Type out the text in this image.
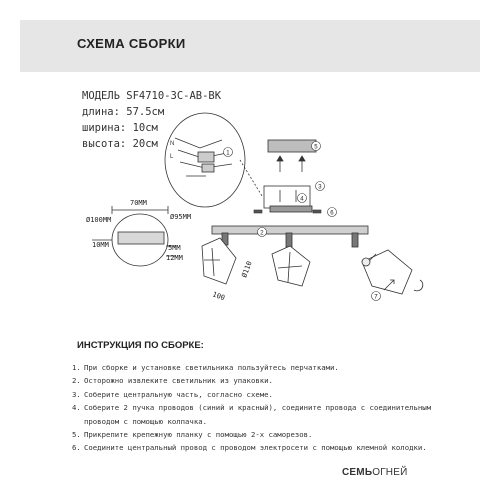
СХЕМА СБОРКИ
МОДЕЛЬ SF4710-3C-AB-BK
длина: 57.5см
ширина: 10см
высота: 20см	N
L
70ММ
Ø95ММ
Ø100ММ
10ММ	5ММ
12ММ
Ø110
100
1
2
3
4
5
6
7
ИНСТРУКЦИЯ ПО СБОРКЕ:
1. При сборке и установке светильника пользуйтесь перчатками.
2. Осторожно извлеките светильник из упаковки.
3. Соберите центральную часть, согласно схеме.
4. Соберите 2 пучка проводов (синий и красный), соедините провода с соединительным
проводом с помощью колпачка.
5. Прикрепите крепежную планку с помощью 2-х саморезов.
6. Соедините центральный провод с проводом электросети с помощью клемной колодки.
СЕМЬОГНЕЙ
